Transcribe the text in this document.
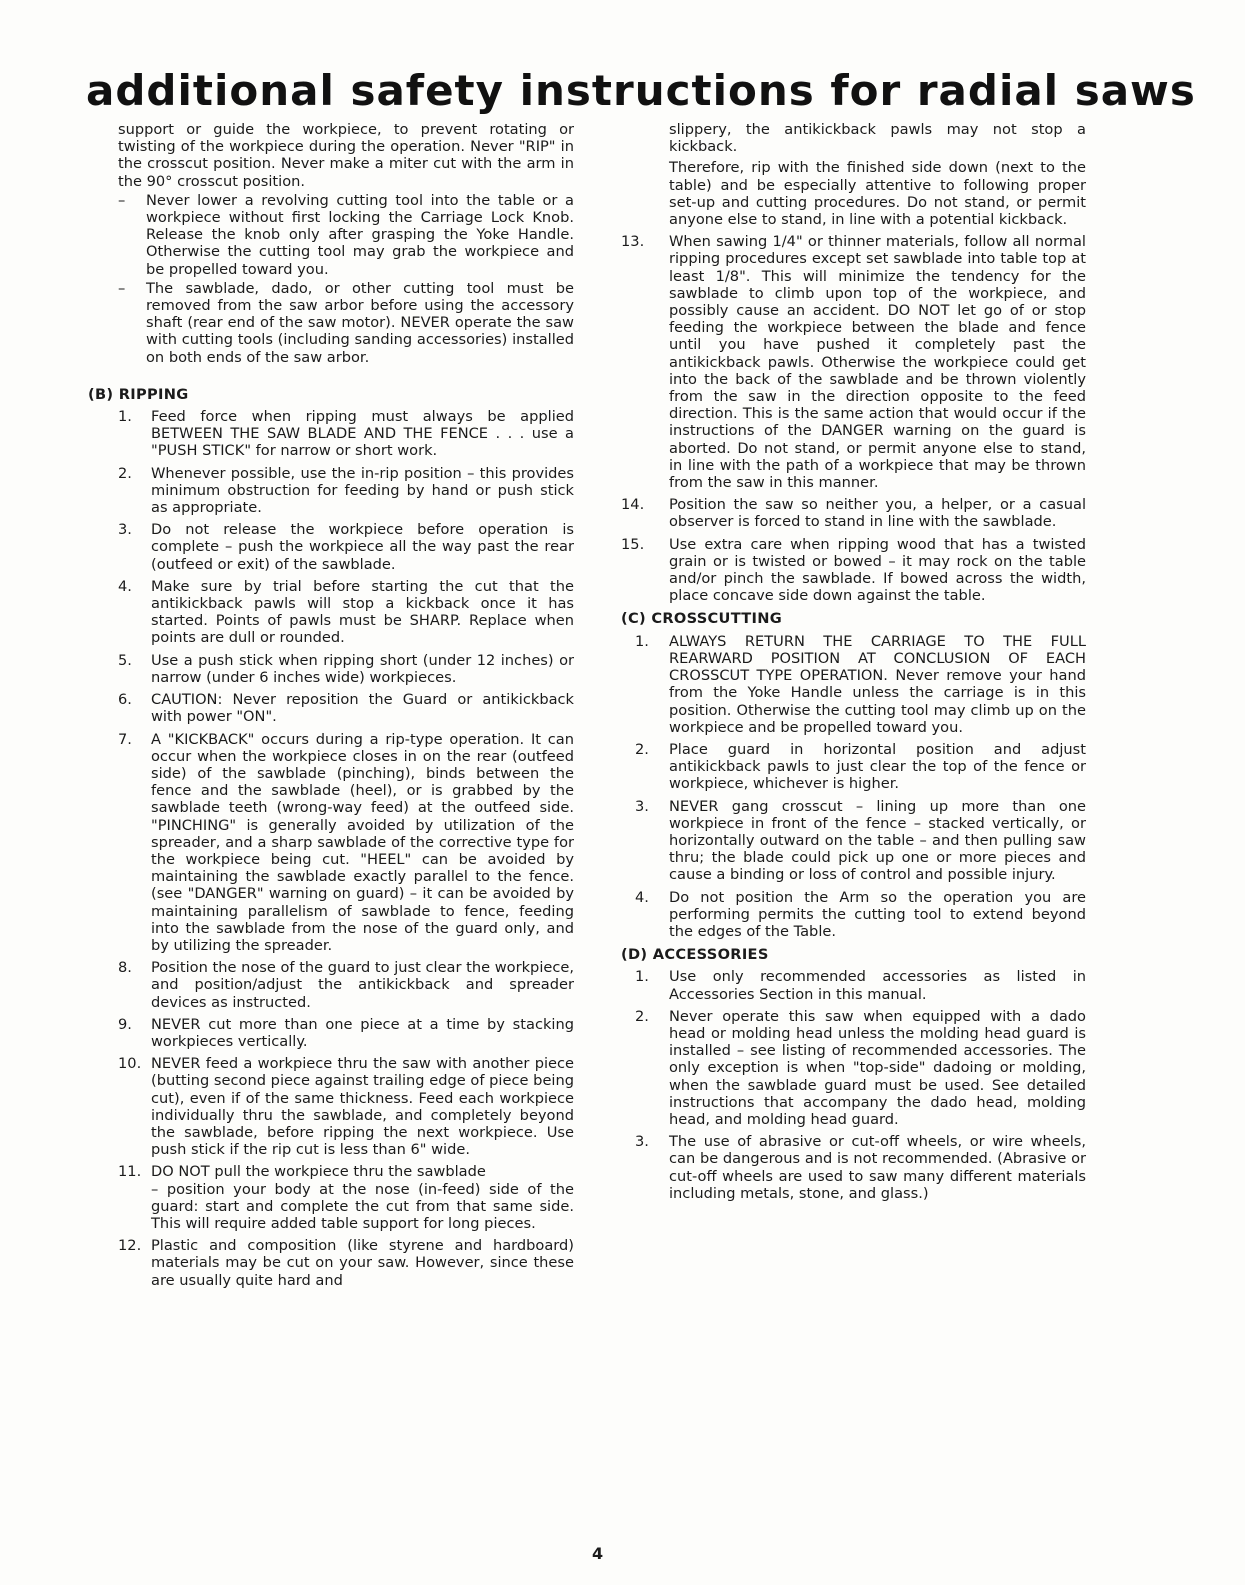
additional safety instructions for radial saws

support or guide the workpiece, to prevent rotating or twisting of the workpiece during the operation. Never "RIP" in the crosscut position. Never make a miter cut with the arm in the 90° crosscut position.

–	Never lower a revolving cutting tool into the table or a workpiece without first locking the Carriage Lock Knob. Release the knob only after grasping the Yoke Handle. Otherwise the cutting tool may grab the workpiece and be propelled toward you.
–	The sawblade, dado, or other cutting tool must be removed from the saw arbor before using the accessory shaft (rear end of the saw motor). NEVER operate the saw with cutting tools (including sanding accessories) installed on both ends of the saw arbor.

(B) RIPPING

1.	Feed force when ripping must always be applied BETWEEN THE SAW BLADE AND THE FENCE . . . use a "PUSH STICK" for narrow or short work.
2.	Whenever possible, use the in-rip position – this provides minimum obstruction for feeding by hand or push stick as appropriate.
3.	Do not release the workpiece before operation is complete – push the workpiece all the way past the rear (outfeed or exit) of the sawblade.
4.	Make sure by trial before starting the cut that the antikickback pawls will stop a kickback once it has started. Points of pawls must be SHARP. Replace when points are dull or rounded.
5.	Use a push stick when ripping short (under 12 inches) or narrow (under 6 inches wide) workpieces.
6.	CAUTION: Never reposition the Guard or antikickback with power "ON".
7.	A "KICKBACK" occurs during a rip-type operation. It can occur when the workpiece closes in on the rear (outfeed side) of the sawblade (pinching), binds between the fence and the sawblade (heel), or is grabbed by the sawblade teeth (wrong-way feed) at the outfeed side. "PINCHING" is generally avoided by utilization of the spreader, and a sharp sawblade of the corrective type for the workpiece being cut. "HEEL" can be avoided by maintaining the sawblade exactly parallel to the fence. (see "DANGER" warning on guard) – it can be avoided by maintaining parallelism of sawblade to fence, feeding into the sawblade from the nose of the guard only, and by utilizing the spreader.
8.	Position the nose of the guard to just clear the workpiece, and position/adjust the antikickback and spreader devices as instructed.
9.	NEVER cut more than one piece at a time by stacking workpieces vertically.
10. NEVER feed a workpiece thru the saw with another piece (butting second piece against trailing edge of piece being cut), even if of the same thickness. Feed each workpiece individually thru the sawblade, and completely beyond the sawblade, before ripping the next workpiece. Use push stick if the rip cut is less than 6" wide.
11. DO NOT pull the workpiece thru the sawblade
– position your body at the nose (in-feed) side of the guard: start and complete the cut from that same side. This will require added table support for long pieces.
12. Plastic and composition (like styrene and hardboard) materials may be cut on your saw. However, since these are usually quite hard and

slippery, the antikickback pawls may not stop a kickback.

Therefore, rip with the finished side down (next to the table) and be especially attentive to following proper set-up and cutting procedures. Do not stand, or permit anyone else to stand, in line with a potential kickback.

13.	When sawing 1/4" or thinner materials, follow all normal ripping procedures except set sawblade into table top at least 1/8". This will minimize the tendency for the sawblade to climb upon top of the workpiece, and possibly cause an accident. DO NOT let go of or stop feeding the workpiece between the blade and fence until you have pushed it completely past the antikickback pawls. Otherwise the workpiece could get into the back of the sawblade and be thrown violently from the saw in the direction opposite to the feed direction. This is the same action that would occur if the instructions of the DANGER warning on the guard is aborted. Do not stand, or permit anyone else to stand, in line with the path of a workpiece that may be thrown from the saw in this manner.
14.	Position the saw so neither you, a helper, or a casual observer is forced to stand in line with the sawblade.
15.	Use extra care when ripping wood that has a twisted grain or is twisted or bowed – it may rock on the table and/or pinch the sawblade. If bowed across the width, place concave side down against the table.

(C) CROSSCUTTING

1.	ALWAYS RETURN THE CARRIAGE TO THE FULL REARWARD POSITION AT CONCLUSION OF EACH CROSSCUT TYPE OPERATION. Never remove your hand from the Yoke Handle unless the carriage is in this position. Otherwise the cutting tool may climb up on the workpiece and be propelled toward you.
2.	Place guard in horizontal position and adjust antikickback pawls to just clear the top of the fence or workpiece, whichever is higher.
3.	NEVER gang crosscut – lining up more than one workpiece in front of the fence – stacked vertically, or horizontally outward on the table – and then pulling saw thru; the blade could pick up one or more pieces and cause a binding or loss of control and possible injury.
4.	Do not position the Arm so the operation you are performing permits the cutting tool to extend beyond the edges of the Table.

(D) ACCESSORIES

1.	Use only recommended accessories as listed in Accessories Section in this manual.
2.	Never operate this saw when equipped with a dado head or molding head unless the molding head guard is installed – see listing of recommended accessories. The only exception is when "top-side" dadoing or molding, when the sawblade guard must be used. See detailed instructions that accompany the dado head, molding head, and molding head guard.
3.	The use of abrasive or cut-off wheels, or wire wheels, can be dangerous and is not recommended. (Abrasive or cut-off wheels are used to saw many different materials including metals, stone, and glass.)
4
